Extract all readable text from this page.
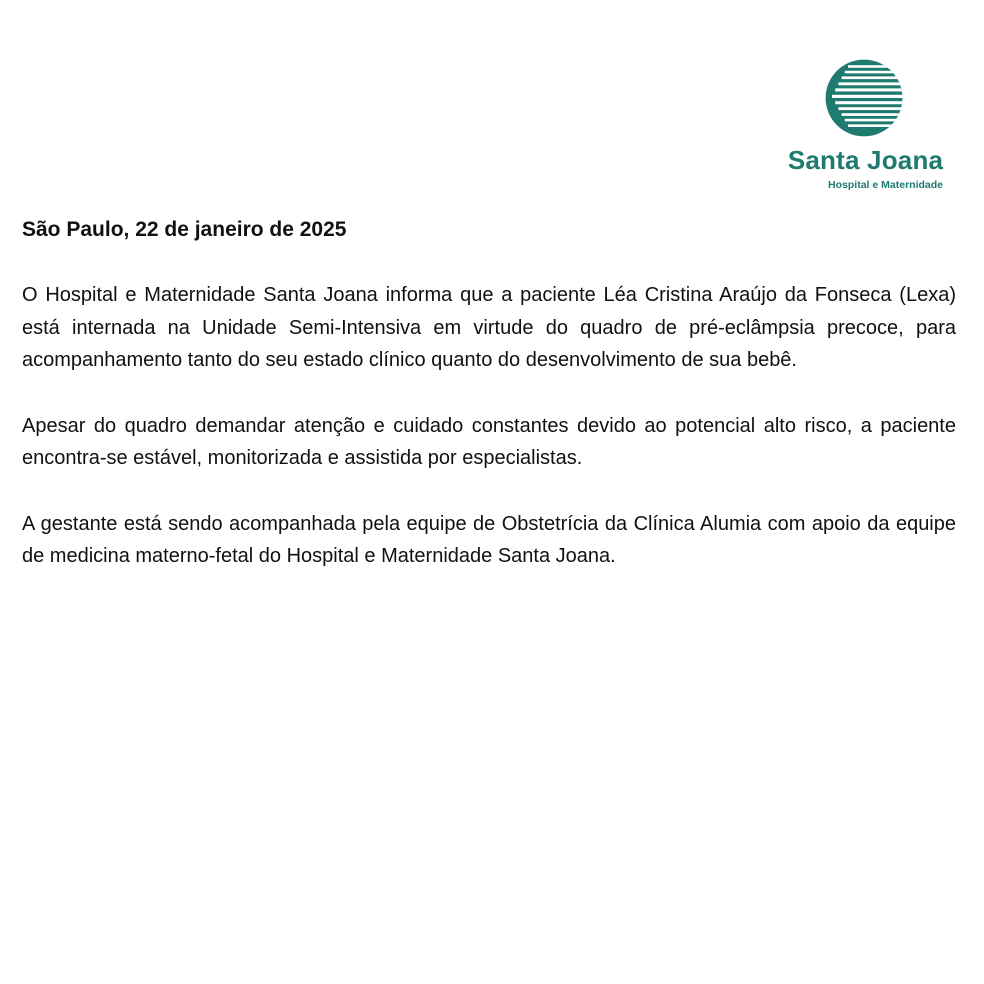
Santa Joana
Hospital e Maternidade

São Paulo, 22 de janeiro de 2025

O Hospital e Maternidade Santa Joana informa que a paciente Léa Cristina Araújo da Fonseca (Lexa) está internada na Unidade Semi-Intensiva em virtude do quadro de pré-eclâmpsia precoce, para acompanhamento tanto do seu estado clínico quanto do desenvolvimento de sua bebê.

Apesar do quadro demandar atenção e cuidado constantes devido ao potencial alto risco, a paciente encontra-se estável, monitorizada e assistida por especialistas.

A gestante está sendo acompanhada pela equipe de Obstetrícia da Clínica Alumia com apoio da equipe de medicina materno-fetal do Hospital e Maternidade Santa Joana.
